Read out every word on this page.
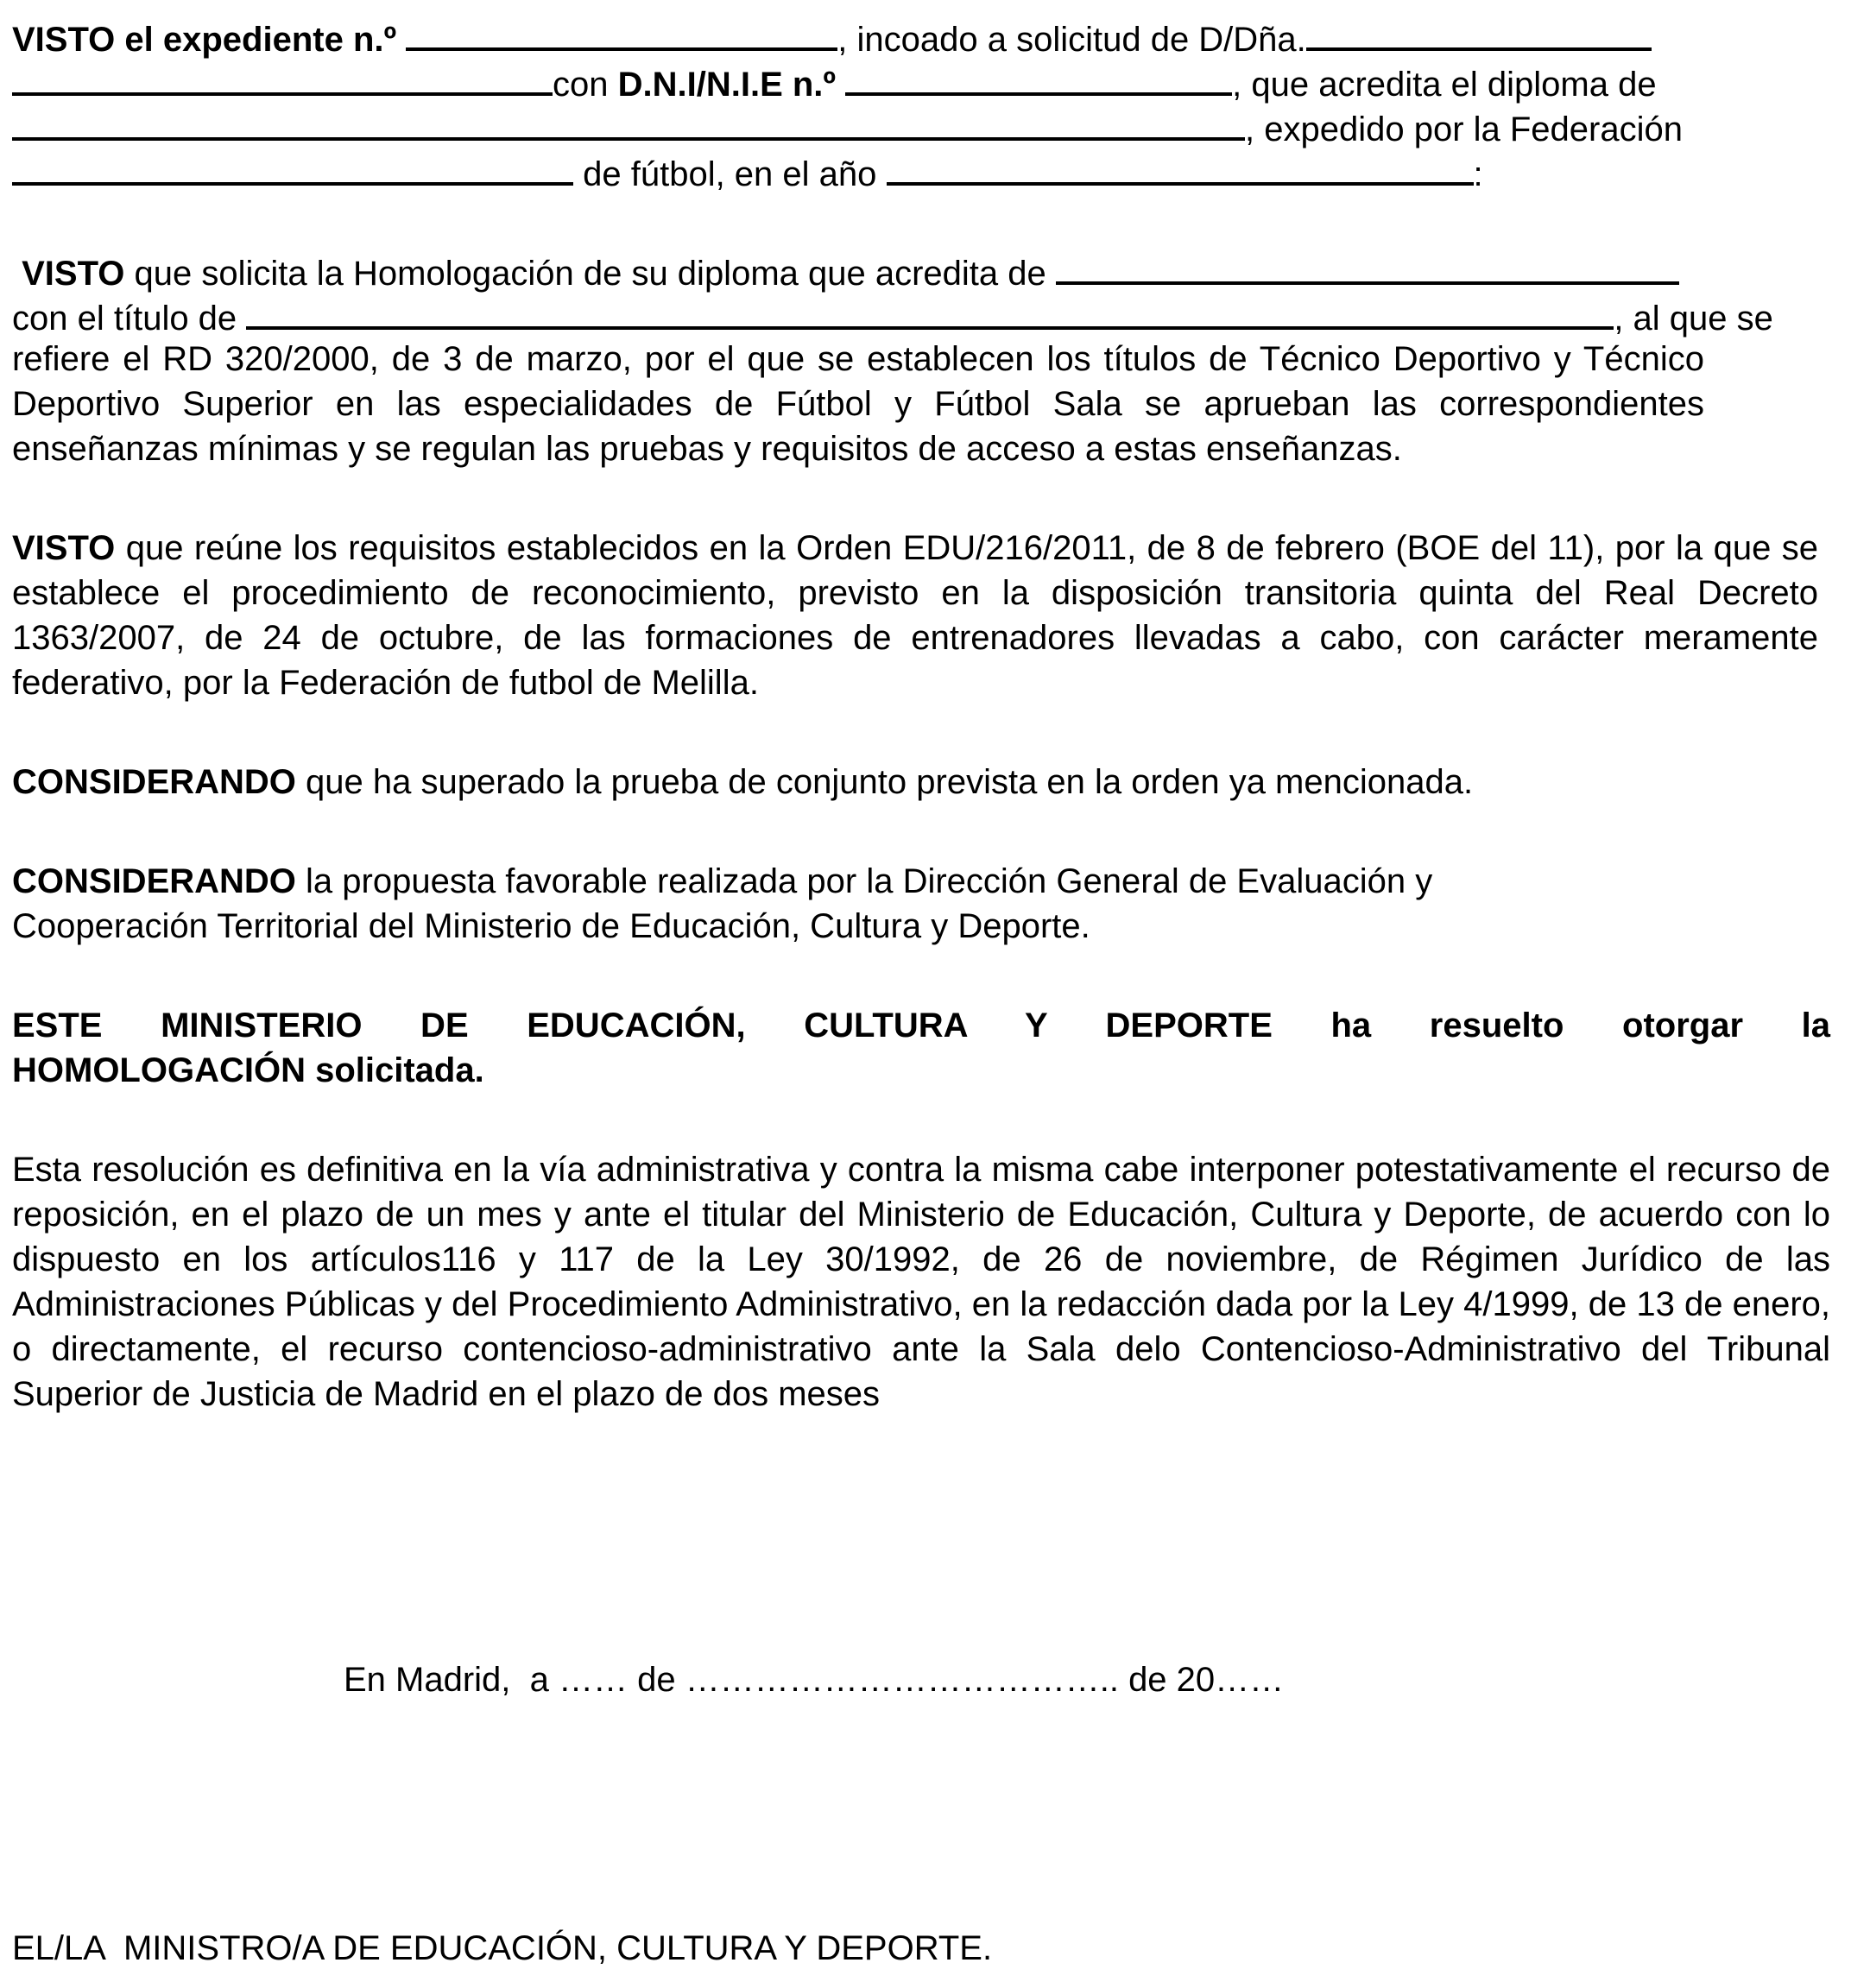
VISTO el expediente n.º	, incoado a solicitud de D/Dña.
con D.N.I/N.I.E n.º	, que acredita el diploma de
, expedido por la Federación
de fútbol, en el año	:
VISTO que solicita la Homologación de su diploma que acredita de
con el título de	, al que se
refiere el RD 320/2000, de 3 de marzo, por el que se establecen los títulos de Técnico Deportivo y Técnico Deportivo Superior en las especialidades de Fútbol y Fútbol Sala se aprueban las correspondientes enseñanzas mínimas y se regulan las pruebas y requisitos de acceso a estas enseñanzas.
VISTO que reúne los requisitos establecidos en la Orden EDU/216/2011, de 8 de febrero (BOE del 11), por la que se establece el procedimiento de reconocimiento, previsto en la disposición transitoria quinta del Real Decreto 1363/2007, de 24 de octubre, de las formaciones de entrenadores llevadas a cabo, con carácter meramente federativo, por la Federación de futbol de Melilla.
CONSIDERANDO que ha superado la prueba de conjunto prevista en la orden ya mencionada.
CONSIDERANDO la propuesta favorable realizada por la Dirección General de Evaluación y Cooperación Territorial del Ministerio de Educación, Cultura y Deporte.
ESTE MINISTERIO DE EDUCACIÓN, CULTURA Y DEPORTE ha resuelto otorgar la
HOMOLOGACIÓN solicitada.
Esta resolución es definitiva en la vía administrativa y contra la misma cabe interponer potestativamente el recurso de reposición, en el plazo de un mes y ante el titular del Ministerio de Educación, Cultura y Deporte, de acuerdo con lo dispuesto en los artículos116 y 117 de la Ley 30/1992, de 26 de noviembre, de Régimen Jurídico de las Administraciones Públicas y del Procedimiento Administrativo, en la redacción dada por la Ley 4/1999, de 13 de enero, o directamente, el recurso contencioso-administrativo ante la Sala delo Contencioso-Administrativo del Tribunal Superior de Justicia de Madrid en el plazo de dos meses
En Madrid,  a …… de ……………………………….. de 20……
EL/LA  MINISTRO/A DE EDUCACIÓN, CULTURA Y DEPORTE.
